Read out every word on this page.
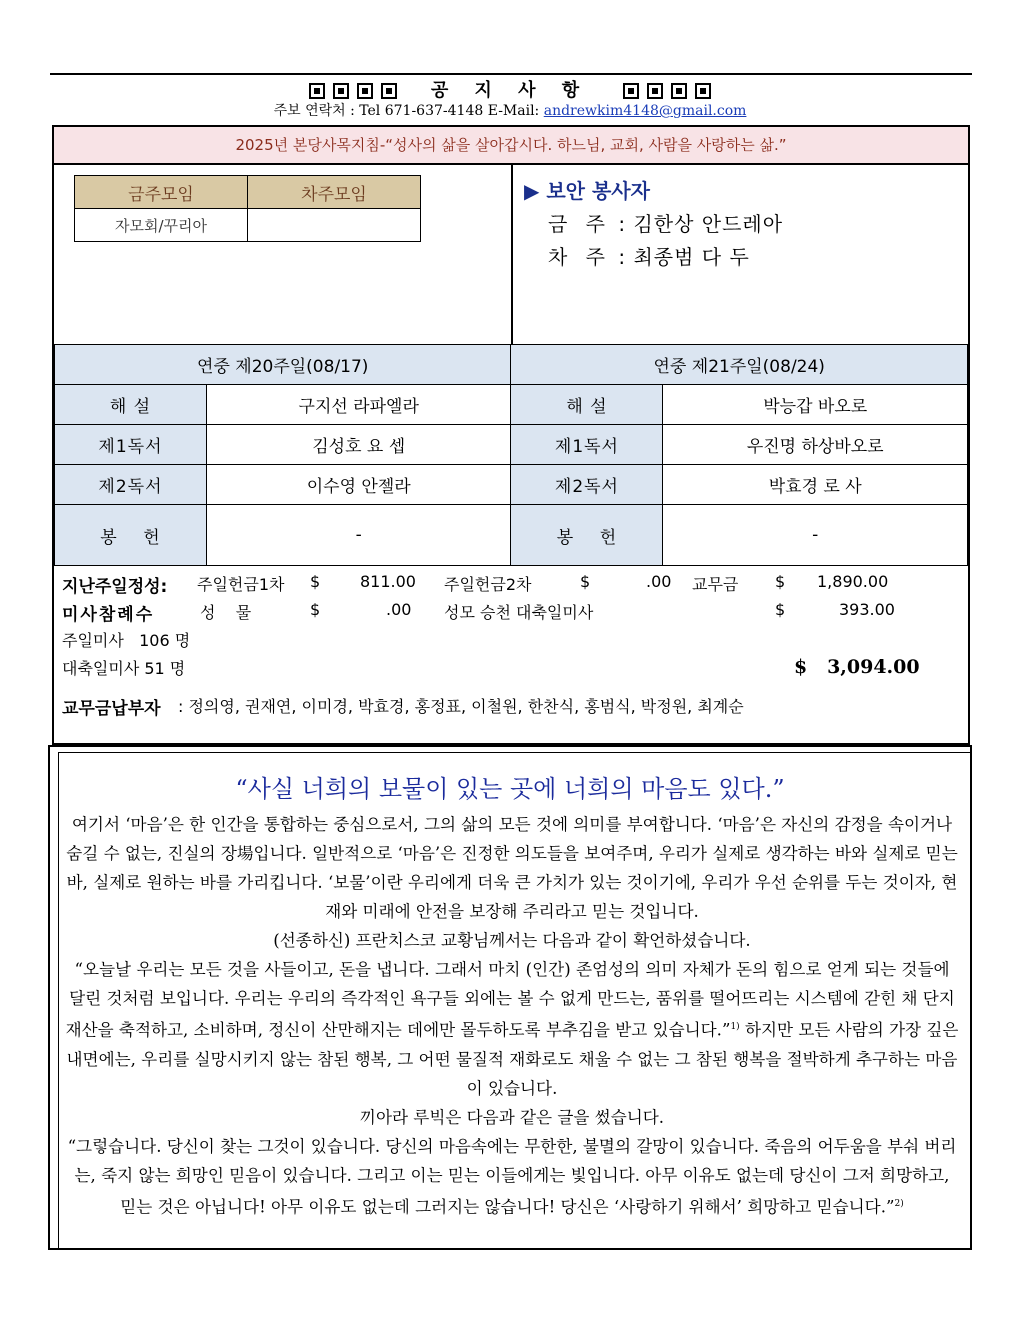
공 지 사 항
주보 연락처 : Tel 671-637-4148 E-Mail: andrewkim4148@gmail.com
2025년 본당사목지침-“성사의 삶을 살아갑시다. 하느님, 교회, 사람을 사랑하는 삶.”
금주모임	차주모임
자모회/꾸리아	
▶ 보안 봉사자
금 주 : 김한상 안드레아
차 주 : 최종범 다 두
연중 제20주일(08/17)		연중 제21주일(08/24)	
해 설	구지선 라파엘라	해 설	박능갑 바오로
제1독서	김성호 요 셉	제1독서	우진명 하상바오로
제2독서	이수영 안젤라	제2독서	박효경 로 사
봉    헌	-	봉    헌	-
지난주일정성: 주일헌금1차 $ 811.00 주일헌금2차	$	.00 교무금 $ 1,890.00
미사참례수	성    물	$	.00 성모 승천 대축일미사	$	393.00
주일미사   106 명
대축일미사 51 명	$   3,094.00
교무금납부자 : 정의영, 권재연, 이미경, 박효경, 홍정표, 이철원, 한찬식, 홍범식, 박정원, 최계순
“사실 너희의 보물이 있는 곳에 너희의 마음도 있다.”
여기서 ‘마음’은 한 인간을 통합하는 중심으로서, 그의 삶의 모든 것에 의미를 부여합니다. ‘마음’은 자신의 감정을 속이거나 숨길 수 없는, 진실의 장場입니다. 일반적으로 ‘마음’은 진정한 의도들을 보여주며, 우리가 실제로 생각하는 바와 실제로 믿는바, 실제로 원하는 바를 가리킵니다. ‘보물’이란 우리에게 더욱 큰 가치가 있는 것이기에, 우리가 우선 순위를 두는 것이자, 현재와 미래에 안전을 보장해 주리라고 믿는 것입니다.
(선종하신) 프란치스코 교황님께서는 다음과 같이 확언하셨습니다.
“오늘날 우리는 모든 것을 사들이고, 돈을 냅니다. 그래서 마치 (인간) 존엄성의 의미 자체가 돈의 힘으로 얻게 되는 것들에 달린 것처럼 보입니다. 우리는 우리의 즉각적인 욕구들 외에는 볼 수 없게 만드는, 품위를 떨어뜨리는 시스템에 갇힌 채 단지 재산을 축적하고, 소비하며, 정신이 산만해지는 데에만 몰두하도록 부추김을 받고 있습니다.”$^{1)}$ 하지만 모든 사람의 가장 깊은 내면에는, 우리를 실망시키지 않는 참된 행복, 그 어떤 물질적 재화로도 채울 수 없는 그 참된 행복을 절박하게 추구하는 마음이 있습니다.
끼아라 루빅은 다음과 같은 글을 썼습니다.
“그렇습니다. 당신이 찾는 그것이 있습니다. 당신의 마음속에는 무한한, 불멸의 갈망이 있습니다. 죽음의 어두움을 부숴 버리는, 죽지 않는 희망인 믿음이 있습니다. 그리고 이는 믿는 이들에게는 빛입니다. 아무 이유도 없는데 당신이 그저 희망하고, 믿는 것은 아닙니다! 아무 이유도 없는데 그러지는 않습니다! 당신은 ‘사랑하기 위해서’ 희망하고 믿습니다.”$^{2)}$
